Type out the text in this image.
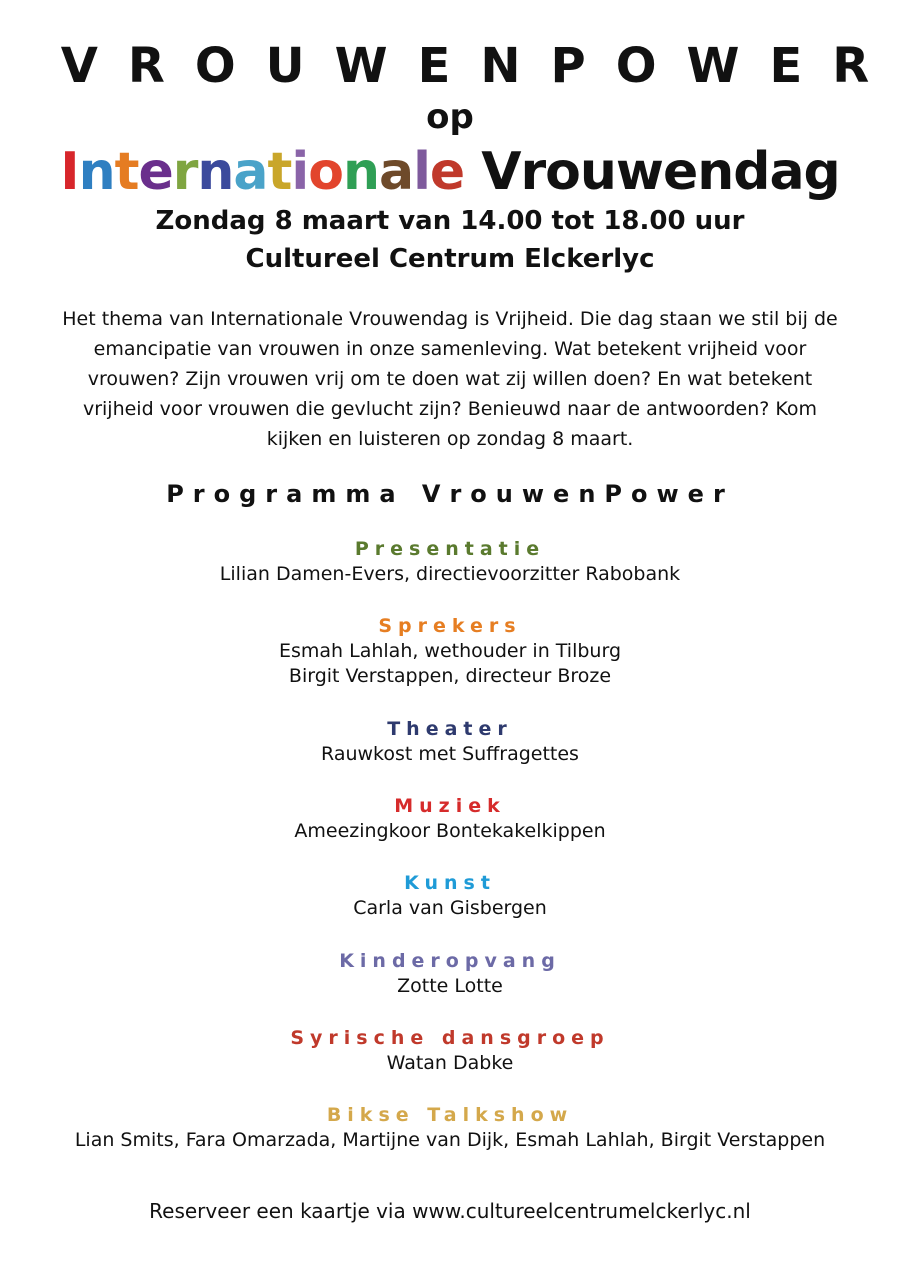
VROUWENPOWER
op
Internationale Vrouwendag
Zondag 8 maart van 14.00 tot 18.00 uur
Cultureel Centrum Elckerlyc
Het thema van Internationale Vrouwendag is Vrijheid. Die dag staan we stil bij de
emancipatie van vrouwen in onze samenleving. Wat betekent vrijheid voor
vrouwen? Zijn vrouwen vrij om te doen wat zij willen doen? En wat betekent
vrijheid voor vrouwen die gevlucht zijn? Benieuwd naar de antwoorden? Kom
kijken en luisteren op zondag 8 maart.
Programma VrouwenPower
Presentatie
Lilian Damen-Evers, directievoorzitter Rabobank
Sprekers
Esmah Lahlah, wethouder in Tilburg
Birgit Verstappen, directeur Broze
Theater
Rauwkost met Suffragettes
Muziek
Ameezingkoor Bontekakelkippen
Kunst
Carla van Gisbergen
Kinderopvang
Zotte Lotte
Syrische dansgroep
Watan Dabke
Bikse Talkshow
Lian Smits, Fara Omarzada, Martijne van Dijk, Esmah Lahlah, Birgit Verstappen
Reserveer een kaartje via www.cultureelcentrumelckerlyc.nl
